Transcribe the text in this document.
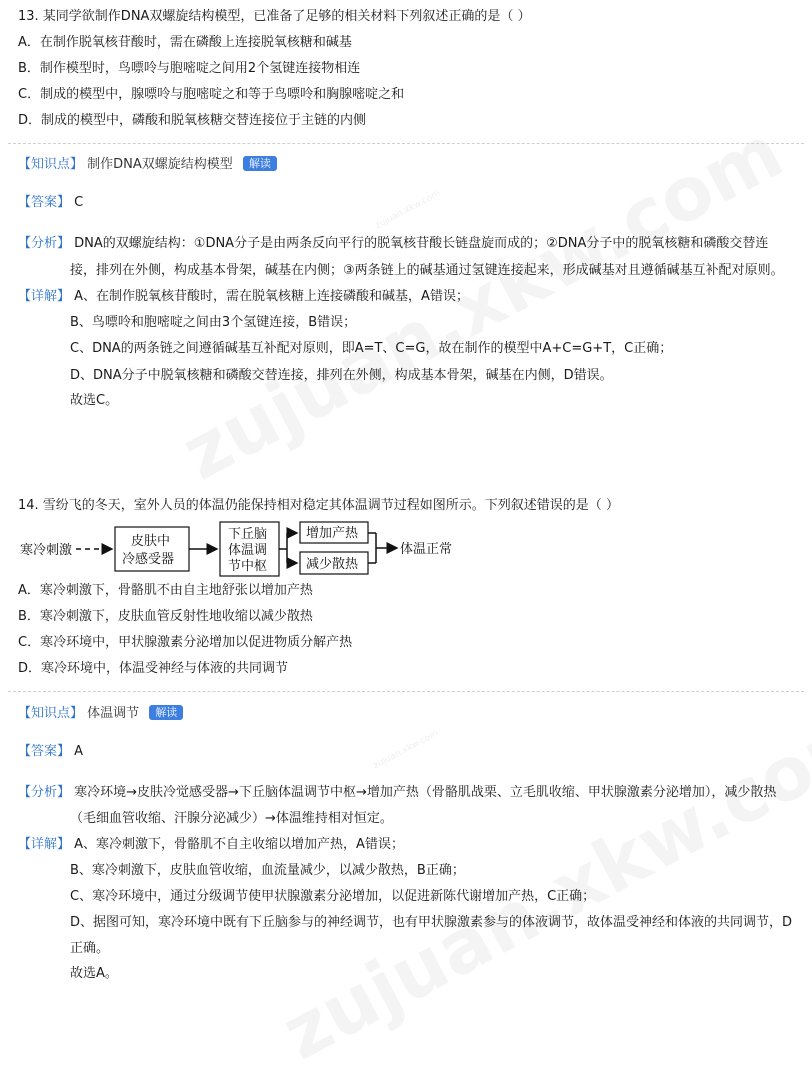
zujuan.xkw.com
zujuan.xkw.com
13. 某同学欲制作DNA双螺旋结构模型，已准备了足够的相关材料下列叙述正确的是（ ）
A．在制作脱氧核苷酸时，需在磷酸上连接脱氧核糖和碱基
B．制作模型时，鸟嘌呤与胞嘧啶之间用2个氢键连接物相连
C．制成的模型中，腺嘌呤与胞嘧啶之和等于鸟嘌呤和胸腺嘧啶之和
D．制成的模型中，磷酸和脱氧核糖交替连接位于主链的内侧
【知识点】 制作DNA双螺旋结构模型 解读
【答案】 C
【分析】 DNA的双螺旋结构：①DNA分子是由两条反向平行的脱氧核苷酸长链盘旋而成的；②DNA分子中的脱氧核糖和磷酸交替连
接，排列在外侧，构成基本骨架，碱基在内侧；③两条链上的碱基通过氢键连接起来，形成碱基对且遵循碱基互补配对原则。
【详解】 A、在制作脱氧核苷酸时，需在脱氧核糖上连接磷酸和碱基，A错误；
B、鸟嘌呤和胞嘧啶之间由3个氢键连接，B错误；
C、DNA的两条链之间遵循碱基互补配对原则，即A=T、C=G，故在制作的模型中A+C=G+T，C正确；
D、DNA分子中脱氧核糖和磷酸交替连接，排列在外侧，构成基本骨架，碱基在内侧，D错误。
故选C。
14. 雪纷飞的冬天，室外人员的体温仍能保持相对稳定其体温调节过程如图所示。下列叙述错误的是（ ）
寒冷刺激
皮肤中
冷感受器
下丘脑
体温调
节中枢
增加产热
减少散热
体温正常
A．寒冷刺激下，骨骼肌不由自主地舒张以增加产热
B．寒冷刺激下，皮肤血管反射性地收缩以减少散热
C．寒冷环境中，甲状腺激素分泌增加以促进物质分解产热
D．寒冷环境中，体温受神经与体液的共同调节
【知识点】 体温调节 解读
【答案】 A
【分析】 寒冷环境→皮肤冷觉感受器→下丘脑体温调节中枢→增加产热（骨骼肌战栗、立毛肌收缩、甲状腺激素分泌增加），减少散热
（毛细血管收缩、汗腺分泌减少）→体温维持相对恒定。
【详解】 A、寒冷刺激下，骨骼肌不自主收缩以增加产热，A错误；
B、寒冷刺激下，皮肤血管收缩，血流量减少，以减少散热，B正确；
C、寒冷环境中，通过分级调节使甲状腺激素分泌增加，以促进新陈代谢增加产热，C正确；
D、据图可知，寒冷环境中既有下丘脑参与的神经调节，也有甲状腺激素参与的体液调节，故体温受神经和体液的共同调节，D
正确。
故选A。
